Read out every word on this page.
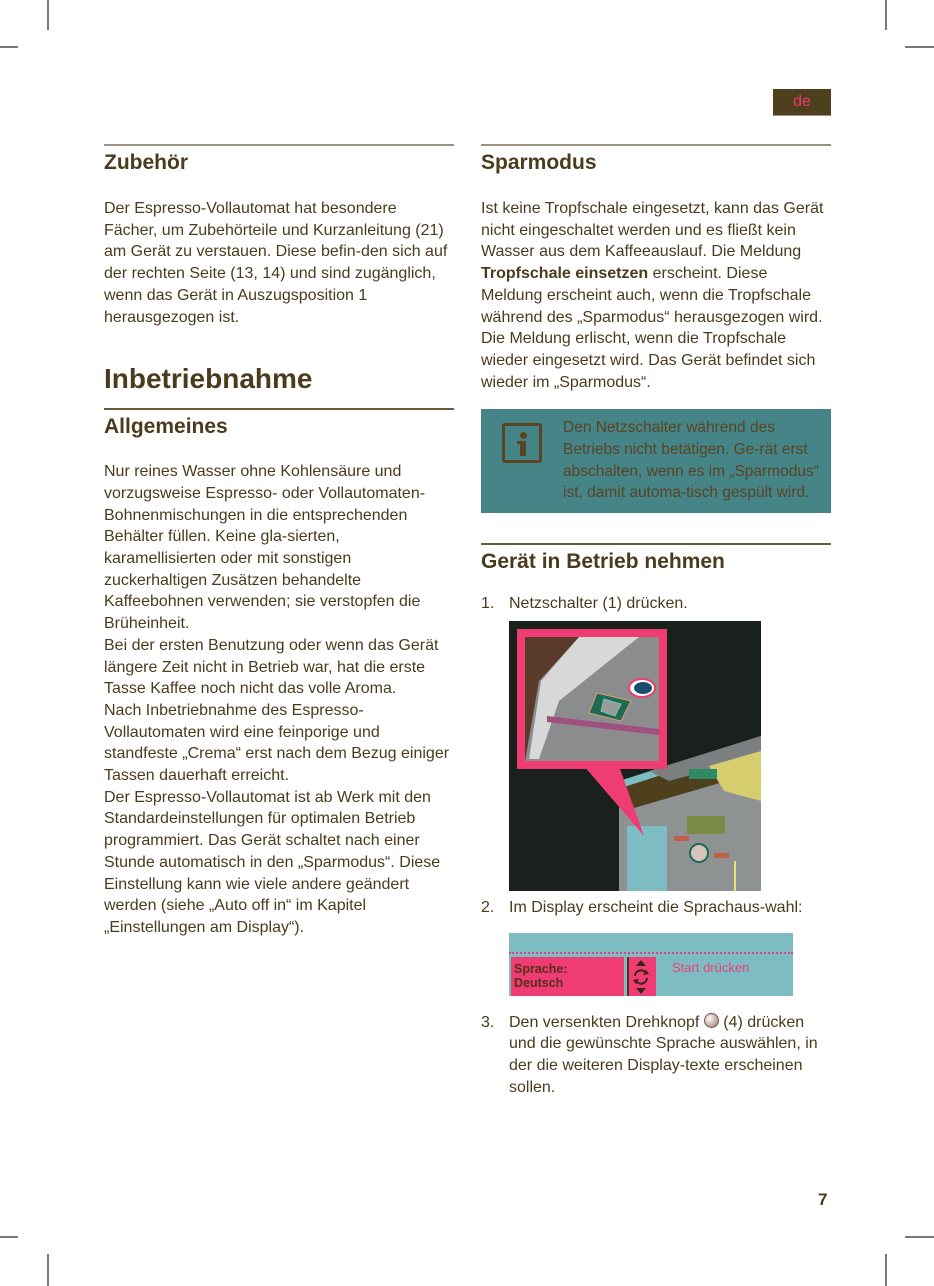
de
7
Zubehör

Der Espresso-Vollautomat hat besondere Fächer, um Zubehörteile und Kurzanleitung (21) am Gerät zu verstauen. Diese befin-den sich auf der rechten Seite (13, 14) und sind zugänglich, wenn das Gerät in Auszugsposition 1 herausgezogen ist.

Inbetriebnahme
Allgemeines

Nur reines Wasser ohne Kohlensäure und vorzugsweise Espresso- oder Vollautomaten-Bohnenmischungen in die entsprechenden Behälter füllen. Keine gla-sierten, karamellisierten oder mit sonstigen zuckerhaltigen Zusätzen behandelte Kaffeebohnen verwenden; sie verstopfen die Brüheinheit.

Bei der ersten Benutzung oder wenn das Gerät längere Zeit nicht in Betrieb war, hat die erste Tasse Kaffee noch nicht das volle Aroma.

Nach Inbetriebnahme des Espresso-Vollautomaten wird eine feinporige und standfeste „Crema“ erst nach dem Bezug einiger Tassen dauerhaft erreicht.

Der Espresso-Vollautomat ist ab Werk mit den Standardeinstellungen für optimalen Betrieb programmiert. Das Gerät schaltet nach einer Stunde automatisch in den „Sparmodus“. Diese Einstellung kann wie viele andere geändert werden (siehe „Auto off in“ im Kapitel „Einstellungen am Display“).

Sparmodus

Ist keine Tropfschale eingesetzt, kann das Gerät nicht eingeschaltet werden und es fließt kein Wasser aus dem Kaffeeauslauf. Die Meldung Tropfschale einsetzen erscheint. Diese Meldung erscheint auch, wenn die Tropfschale während des „Sparmodus“ herausgezogen wird. Die Meldung erlischt, wenn die Tropfschale wieder eingesetzt wird. Das Gerät befindet sich wieder im „Sparmodus“.

Den Netzschalter während des Betriebs nicht betätigen. Ge-rät erst abschalten, wenn es im „Sparmodus“ ist, damit automa-tisch gespült wird.
Gerät in Betrieb nehmen
1. Netzschalter (1) drücken.
2. Im Display erscheint die Sprachaus-wahl:
Sprache:
Deutsch
Start drücken
3. Den versenkten Drehknopf  (4) drücken und die gewünschte Sprache auswählen, in der die weiteren Display-texte erscheinen sollen.
